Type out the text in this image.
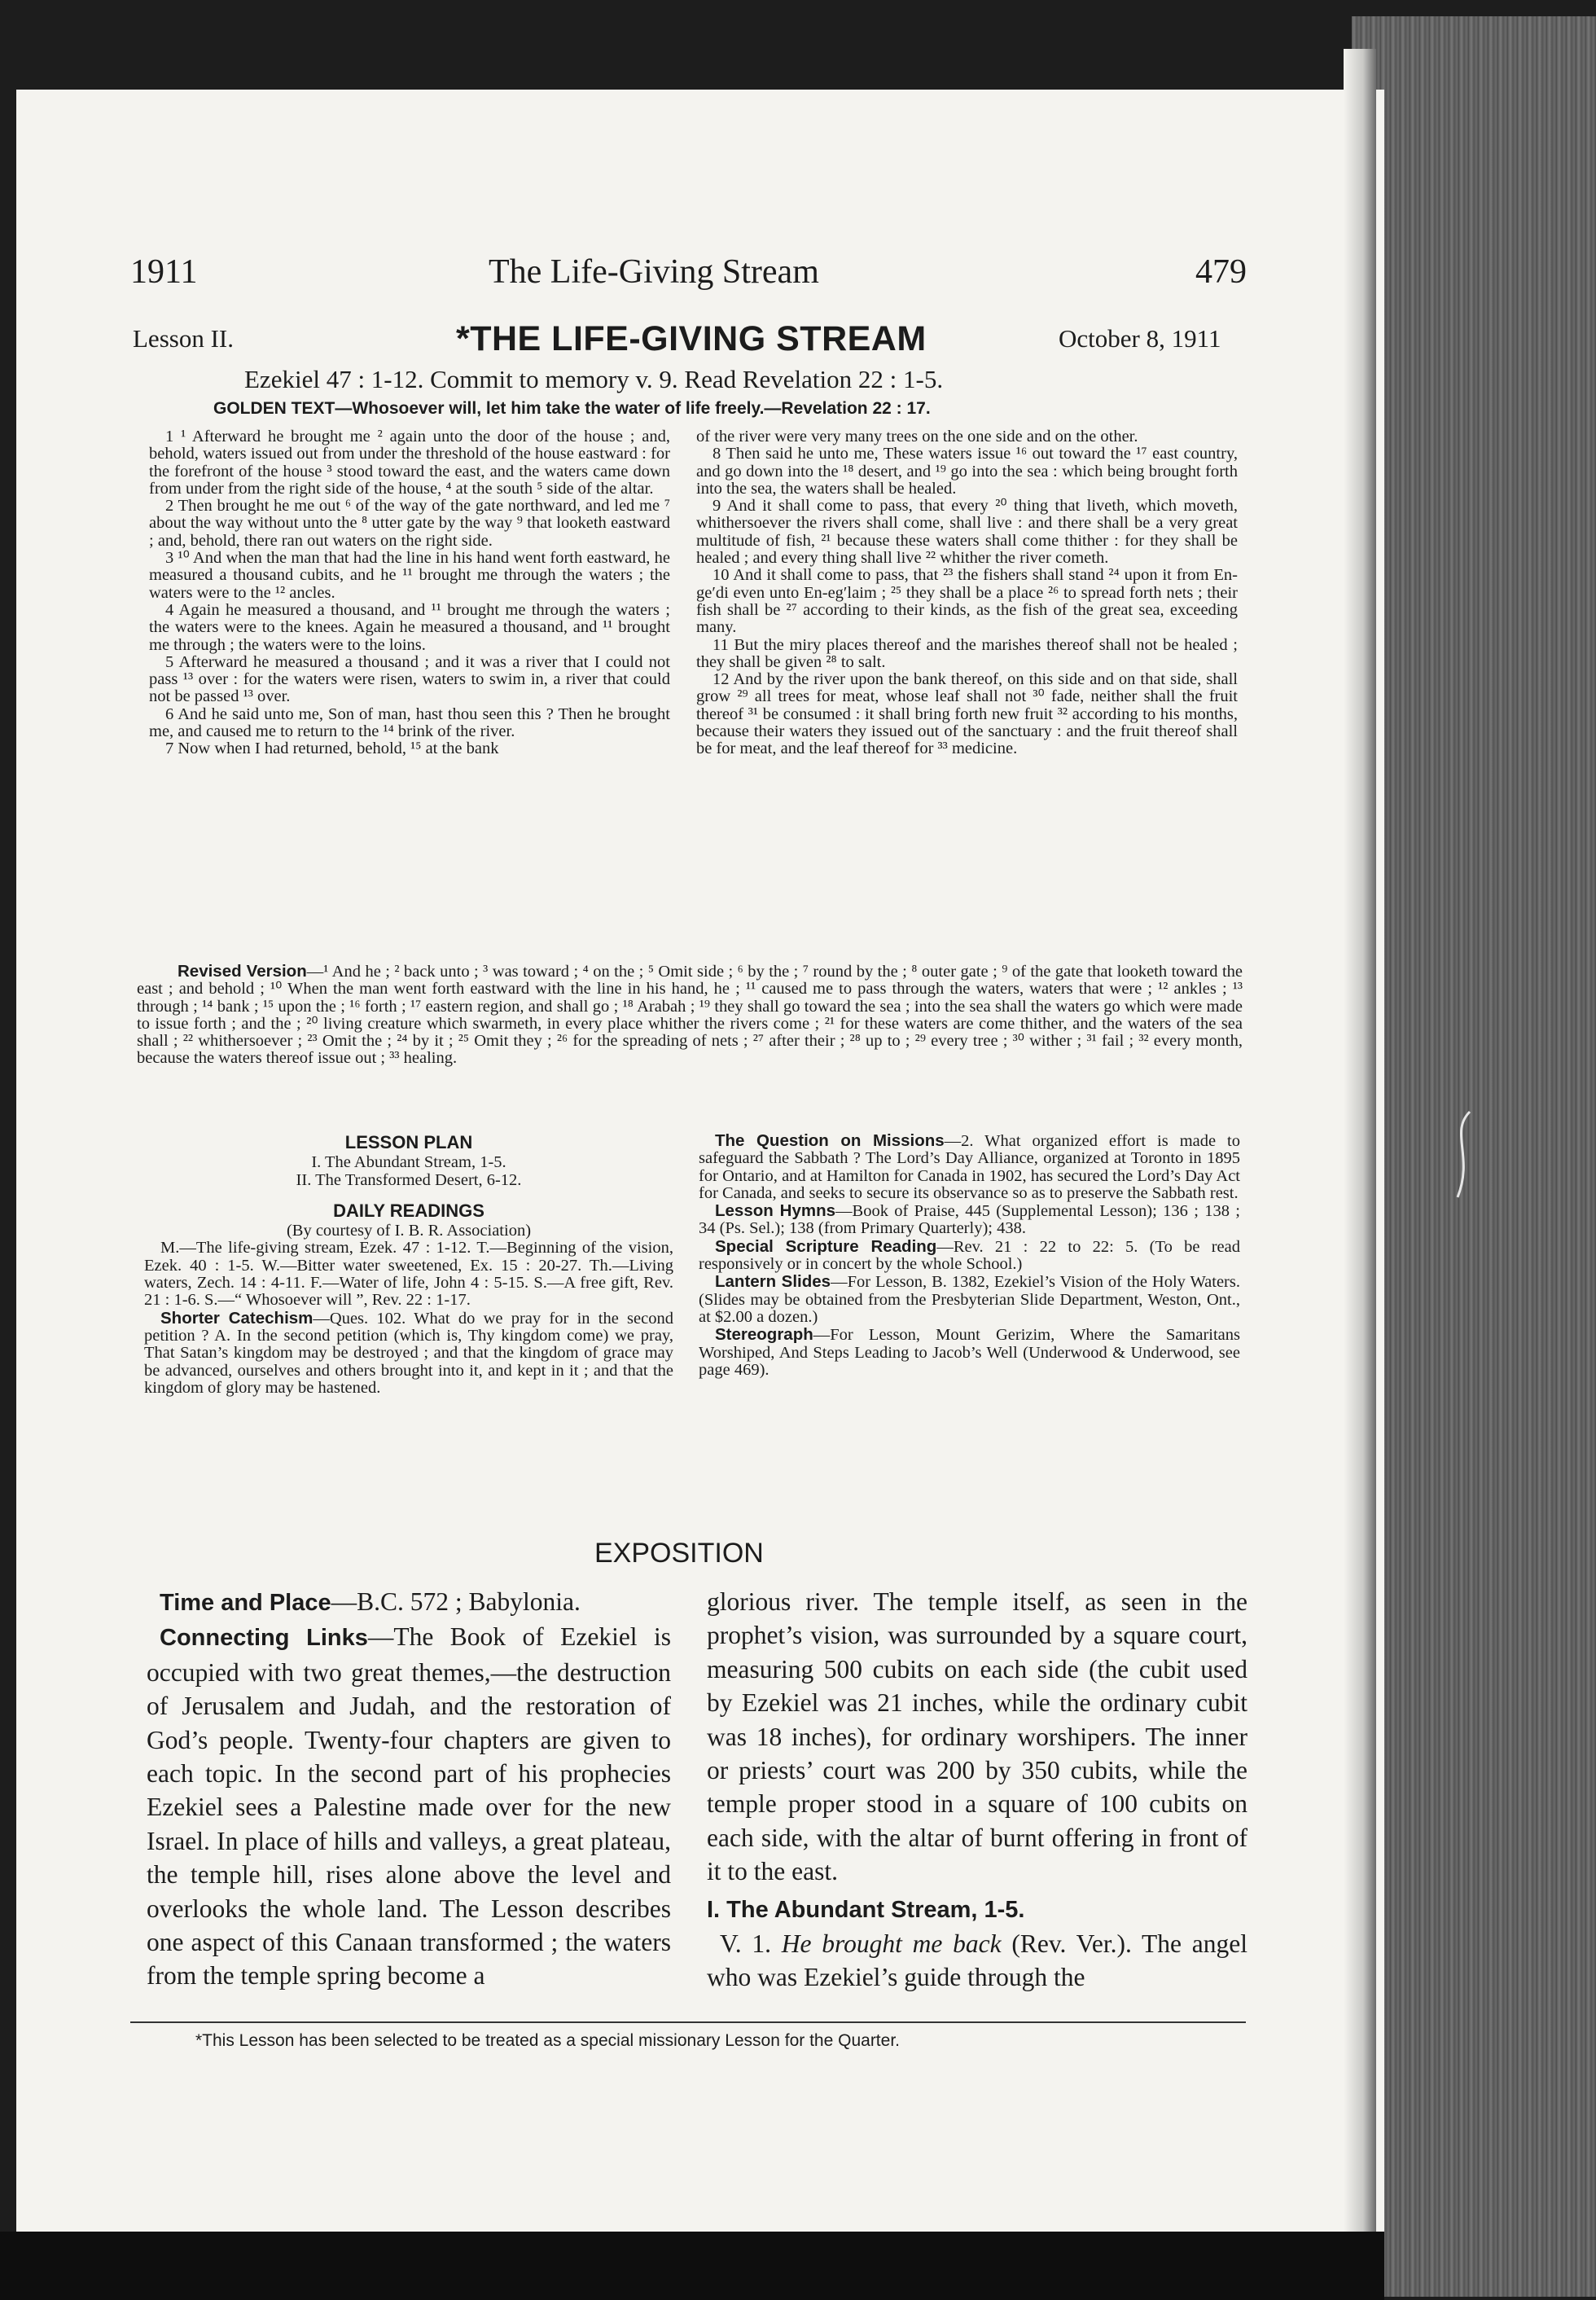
1911	The Life-Giving Stream	479
Lesson II.	*THE LIFE-GIVING STREAM	October 8, 1911
Ezekiel 47 : 1-12. Commit to memory v. 9. Read Revelation 22 : 1-5.
GOLDEN TEXT—Whosoever will, let him take the water of life freely.—Revelation 22 : 17.

1 ¹ Afterward he brought me ² again unto the door of the house ; and, behold, waters issued out from under the threshold of the house eastward : for the forefront of the house ³ stood toward the east, and the waters came down from under from the right side of the house, ⁴ at the south ⁵ side of the altar.

2 Then brought he me out ⁶ of the way of the gate northward, and led me ⁷ about the way without unto the ⁸ utter gate by the way ⁹ that looketh eastward ; and, behold, there ran out waters on the right side.

3 ¹⁰ And when the man that had the line in his hand went forth eastward, he measured a thousand cubits, and he ¹¹ brought me through the waters ; the waters were to the ¹² ancles.

4 Again he measured a thousand, and ¹¹ brought me through the waters ; the waters were to the knees. Again he measured a thousand, and ¹¹ brought me through ; the waters were to the loins.

5 Afterward he measured a thousand ; and it was a river that I could not pass ¹³ over : for the waters were risen, waters to swim in, a river that could not be passed ¹³ over.

6 And he said unto me, Son of man, hast thou seen this ? Then he brought me, and caused me to return to the ¹⁴ brink of the river.

7 Now when I had returned, behold, ¹⁵ at the bank

of the river were very many trees on the one side and on the other.

8 Then said he unto me, These waters issue ¹⁶ out toward the ¹⁷ east country, and go down into the ¹⁸ desert, and ¹⁹ go into the sea : which being brought forth into the sea, the waters shall be healed.

9 And it shall come to pass, that every ²⁰ thing that liveth, which moveth, whithersoever the rivers shall come, shall live : and there shall be a very great multitude of fish, ²¹ because these waters shall come thither : for they shall be healed ; and every thing shall live ²² whither the river cometh.

10 And it shall come to pass, that ²³ the fishers shall stand ²⁴ upon it from En-ge′di even unto En-eg′laim ; ²⁵ they shall be a place ²⁶ to spread forth nets ; their fish shall be ²⁷ according to their kinds, as the fish of the great sea, exceeding many.

11 But the miry places thereof and the marishes thereof shall not be healed ; they shall be given ²⁸ to salt.

12 And by the river upon the bank thereof, on this side and on that side, shall grow ²⁹ all trees for meat, whose leaf shall not ³⁰ fade, neither shall the fruit thereof ³¹ be consumed : it shall bring forth new fruit ³² according to his months, because their waters they issued out of the sanctuary : and the fruit thereof shall be for meat, and the leaf thereof for ³³ medicine.

Revised Version—¹ And he ; ² back unto ; ³ was toward ; ⁴ on the ; ⁵ Omit side ; ⁶ by the ; ⁷ round by the ; ⁸ outer gate ; ⁹ of the gate that looketh toward the east ; and behold ; ¹⁰ When the man went forth eastward with the line in his hand, he ; ¹¹ caused me to pass through the waters, waters that were ; ¹² ankles ; ¹³ through ; ¹⁴ bank ; ¹⁵ upon the ; ¹⁶ forth ; ¹⁷ eastern region, and shall go ; ¹⁸ Arabah ; ¹⁹ they shall go toward the sea ; into the sea shall the waters go which were made to issue forth ; and the ; ²⁰ living creature which swarmeth, in every place whither the rivers come ; ²¹ for these waters are come thither, and the waters of the sea shall ; ²² whithersoever ; ²³ Omit the ; ²⁴ by it ; ²⁵ Omit they ; ²⁶ for the spreading of nets ; ²⁷ after their ; ²⁸ up to ; ²⁹ every tree ; ³⁰ wither ; ³¹ fail ; ³² every month, because the waters thereof issue out ; ³³ healing.

LESSON PLAN

I. The Abundant Stream, 1-5.

II. The Transformed Desert, 6-12.

DAILY READINGS

(By courtesy of I. B. R. Association)

M.—The life-giving stream, Ezek. 47 : 1-12. T.—Beginning of the vision, Ezek. 40 : 1-5. W.—Bitter water sweetened, Ex. 15 : 20-27. Th.—Living waters, Zech. 14 : 4-11. F.—Water of life, John 4 : 5-15. S.—A free gift, Rev. 21 : 1-6. S.—“ Whosoever will ”, Rev. 22 : 1-17.

Shorter Catechism—Ques. 102. What do we pray for in the second petition ? A. In the second petition (which is, Thy kingdom come) we pray, That Satan’s kingdom may be destroyed ; and that the kingdom of grace may be advanced, ourselves and others brought into it, and kept in it ; and that the kingdom of glory may be hastened.

The Question on Missions—2. What organized effort is made to safeguard the Sabbath ? The Lord’s Day Alliance, organized at Toronto in 1895 for Ontario, and at Hamilton for Canada in 1902, has secured the Lord’s Day Act for Canada, and seeks to secure its observance so as to preserve the Sabbath rest.

Lesson Hymns—Book of Praise, 445 (Supplemental Lesson); 136 ; 138 ; 34 (Ps. Sel.); 138 (from Primary Quarterly); 438.

Special Scripture Reading—Rev. 21 : 22 to 22: 5. (To be read responsively or in concert by the whole School.)

Lantern Slides—For Lesson, B. 1382, Ezekiel’s Vision of the Holy Waters. (Slides may be obtained from the Presbyterian Slide Department, Weston, Ont., at $2.00 a dozen.)

Stereograph—For Lesson, Mount Gerizim, Where the Samaritans Worshiped, And Steps Leading to Jacob’s Well (Underwood & Underwood, see page 469).

EXPOSITION

Time and Place—B.C. 572 ; Babylonia.

Connecting Links—The Book of Ezekiel is occupied with two great themes,—the destruction of Jerusalem and Judah, and the restoration of God’s people. Twenty-four chapters are given to each topic. In the second part of his prophecies Ezekiel sees a Palestine made over for the new Israel. In place of hills and valleys, a great plateau, the temple hill, rises alone above the level and overlooks the whole land. The Lesson describes one aspect of this Canaan transformed ; the waters from the temple spring become a

glorious river. The temple itself, as seen in the prophet’s vision, was surrounded by a square court, measuring 500 cubits on each side (the cubit used by Ezekiel was 21 inches, while the ordinary cubit was 18 inches), for ordinary worshipers. The inner or priests’ court was 200 by 350 cubits, while the temple proper stood in a square of 100 cubits on each side, with the altar of burnt offering in front of it to the east.

I. The Abundant Stream, 1-5.

V. 1. He brought me back (Rev. Ver.). The angel who was Ezekiel’s guide through the

*This Lesson has been selected to be treated as a special missionary Lesson for the Quarter.
